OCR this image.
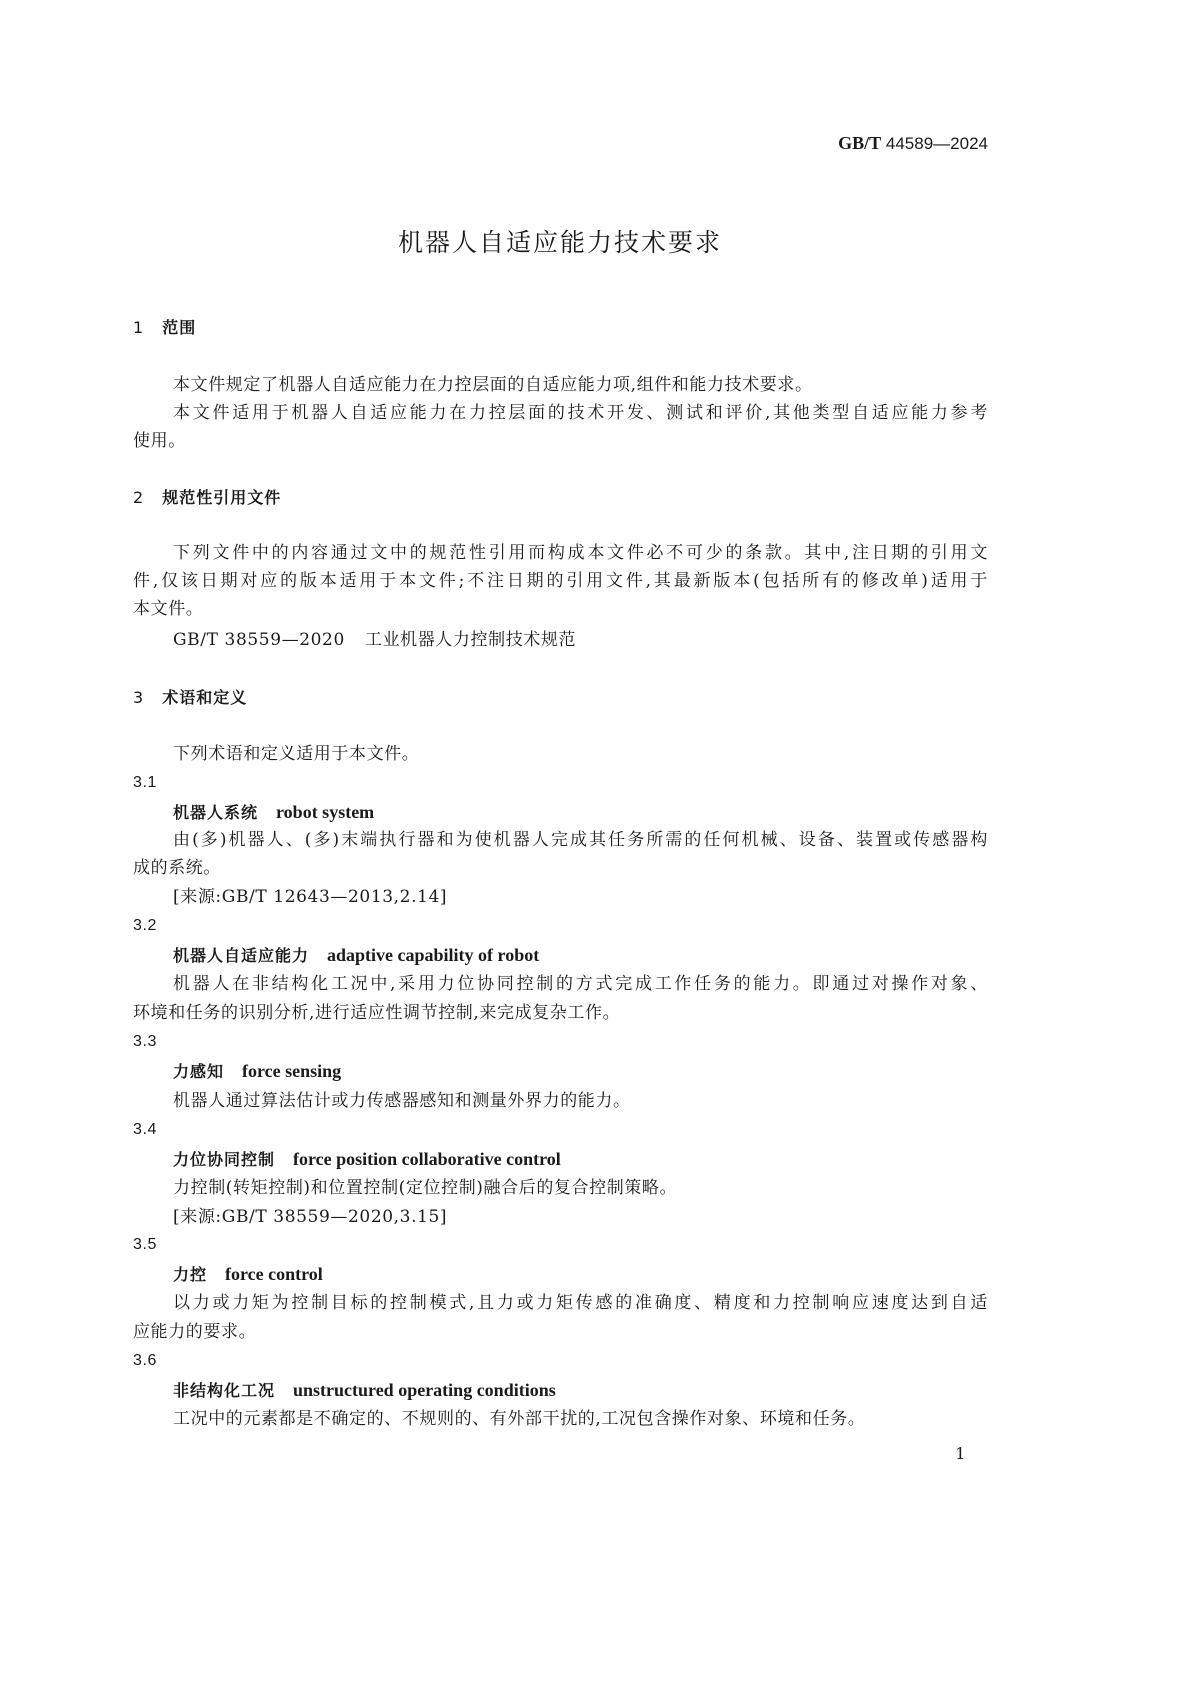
GB/T 44589—2024
机器人自适应能力技术要求
1 范围
本文件规定了机器人自适应能力在力控层面的自适应能力项,组件和能力技术要求。
本文件适用于机器人自适应能力在力控层面的技术开发、测试和评价,其他类型自适应能力参考
使用。
2 规范性引用文件
下列文件中的内容通过文中的规范性引用而构成本文件必不可少的条款。其中,注日期的引用文
件,仅该日期对应的版本适用于本文件;不注日期的引用文件,其最新版本(包括所有的修改单)适用于
本文件。
GB/T 38559—2020 工业机器人力控制技术规范
3 术语和定义
下列术语和定义适用于本文件。
3.1
机器人系统 robot system
由(多)机器人、(多)末端执行器和为使机器人完成其任务所需的任何机械、设备、装置或传感器构
成的系统。
[来源:GB/T 12643—2013,2.14]
3.2
机器人自适应能力 adaptive capability of robot
机器人在非结构化工况中,采用力位协同控制的方式完成工作任务的能力。即通过对操作对象、
环境和任务的识别分析,进行适应性调节控制,来完成复杂工作。
3.3
力感知 force sensing
机器人通过算法估计或力传感器感知和测量外界力的能力。
3.4
力位协同控制 force position collaborative control
力控制(转矩控制)和位置控制(定位控制)融合后的复合控制策略。
[来源:GB/T 38559—2020,3.15]
3.5
力控 force control
以力或力矩为控制目标的控制模式,且力或力矩传感的准确度、精度和力控制响应速度达到自适
应能力的要求。
3.6
非结构化工况 unstructured operating conditions
工况中的元素都是不确定的、不规则的、有外部干扰的,工况包含操作对象、环境和任务。
1
